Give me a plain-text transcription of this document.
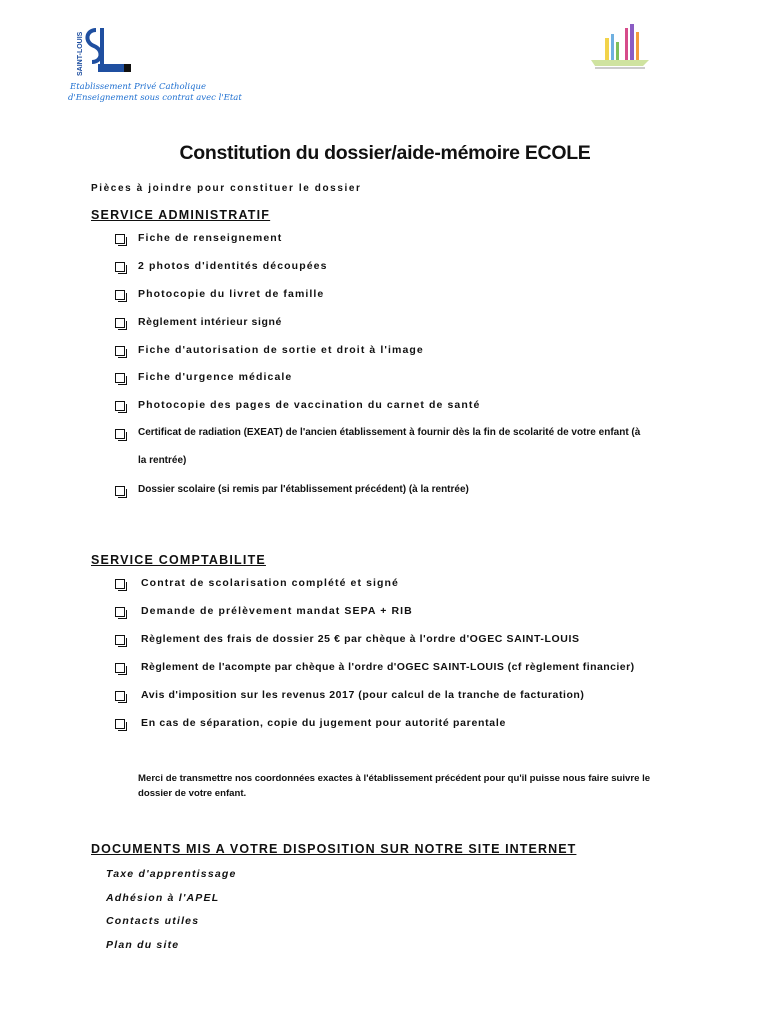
SAINT-LOUIS
Etablissement Privé Catholique
d'Enseignement sous contrat avec l'Etat
Constitution du dossier/aide-mémoire ECOLE
Pièces à joindre pour constituer le dossier
SERVICE ADMINISTRATIF
Fiche de renseignement
2 photos d'identités découpées
Photocopie du livret de famille
Règlement intérieur signé
Fiche d'autorisation de sortie et droit à l'image
Fiche d'urgence médicale
Photocopie des pages de vaccination du carnet de santé
Certificat de radiation (EXEAT) de l'ancien établissement à fournir dès la fin de scolarité de votre enfant (à
la rentrée)
Dossier scolaire (si remis par l'établissement précédent) (à la rentrée)
SERVICE COMPTABILITE
Contrat de scolarisation complété et signé
Demande de prélèvement mandat SEPA + RIB
Règlement des frais de dossier 25 € par chèque à l'ordre d'OGEC SAINT-LOUIS
Règlement de l'acompte par chèque à l'ordre d'OGEC SAINT-LOUIS (cf règlement financier)
Avis d'imposition sur les revenus 2017 (pour calcul de la tranche de facturation)
En cas de séparation, copie du jugement pour autorité parentale
Merci de transmettre nos coordonnées exactes à l'établissement précédent pour qu'il puisse nous faire suivre le
dossier de votre enfant.
DOCUMENTS MIS A VOTRE DISPOSITION SUR NOTRE SITE INTERNET
Taxe d'apprentissage
Adhésion à l'APEL
Contacts utiles
Plan du site
